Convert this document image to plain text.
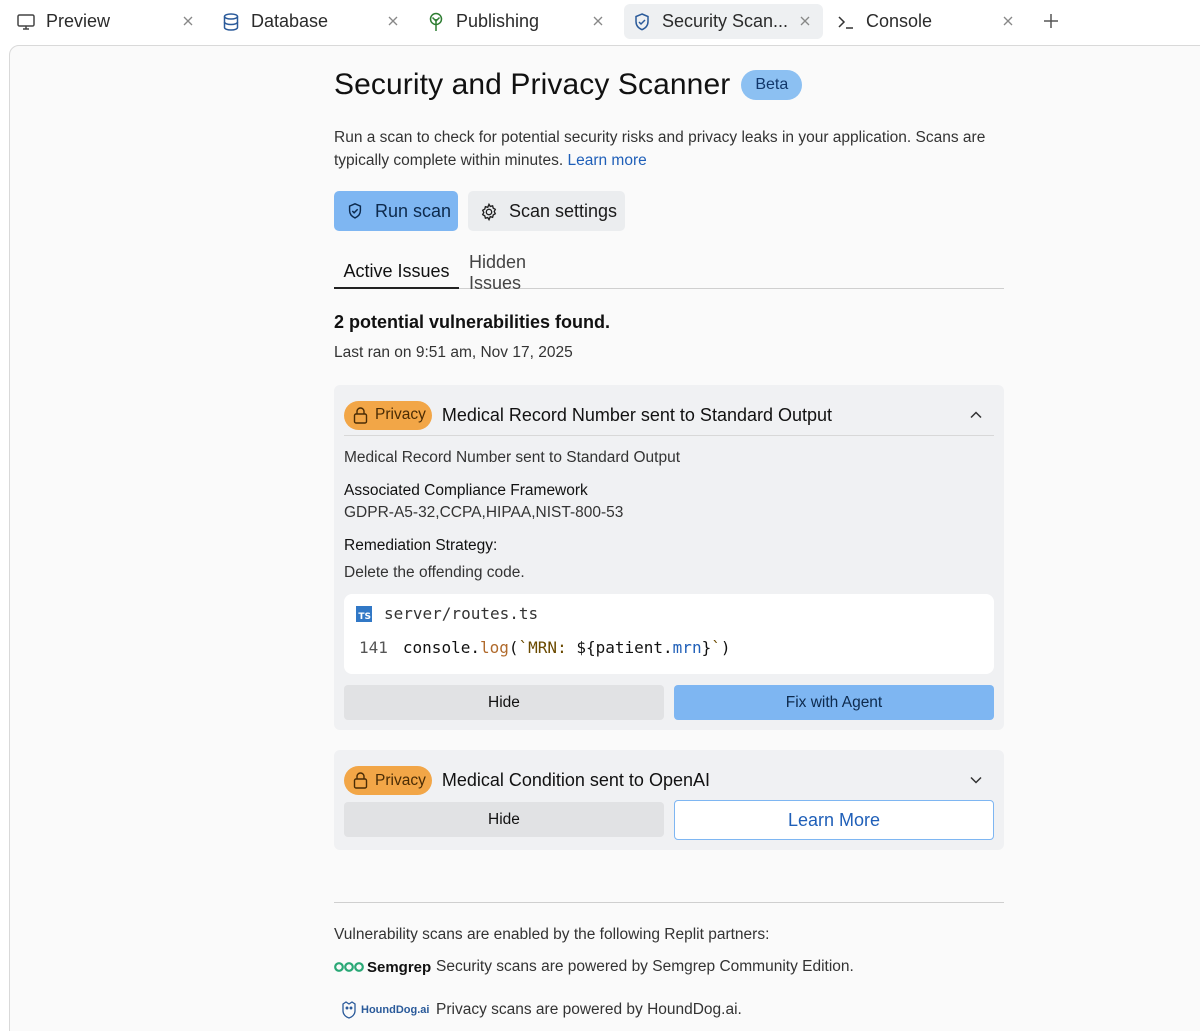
Preview	Database	Publishing	Security Scan...	Console
Security and Privacy Scanner	Beta
Run a scan to check for potential security risks and privacy leaks in your application. Scans are typically complete within minutes. Learn more
Run scan	Scan settings
Active Issues	Hidden Issues
2 potential vulnerabilities found.
Last ran on 9:51 am, Nov 17, 2025
Privacy Medical Record Number sent to Standard Output
Medical Record Number sent to Standard Output
Associated Compliance Framework
GDPR-A5-32,CCPA,HIPAA,NIST-800-53
Remediation Strategy:
Delete the offending code.
TS server/routes.ts
141 console.log(`MRN: ${patient.mrn}`)
Hide	Fix with Agent
Privacy Medical Condition sent to OpenAI
Hide	Learn More
Vulnerability scans are enabled by the following Replit partners:
Semgrep Security scans are powered by Semgrep Community Edition.
HoundDog.ai Privacy scans are powered by HoundDog.ai.
